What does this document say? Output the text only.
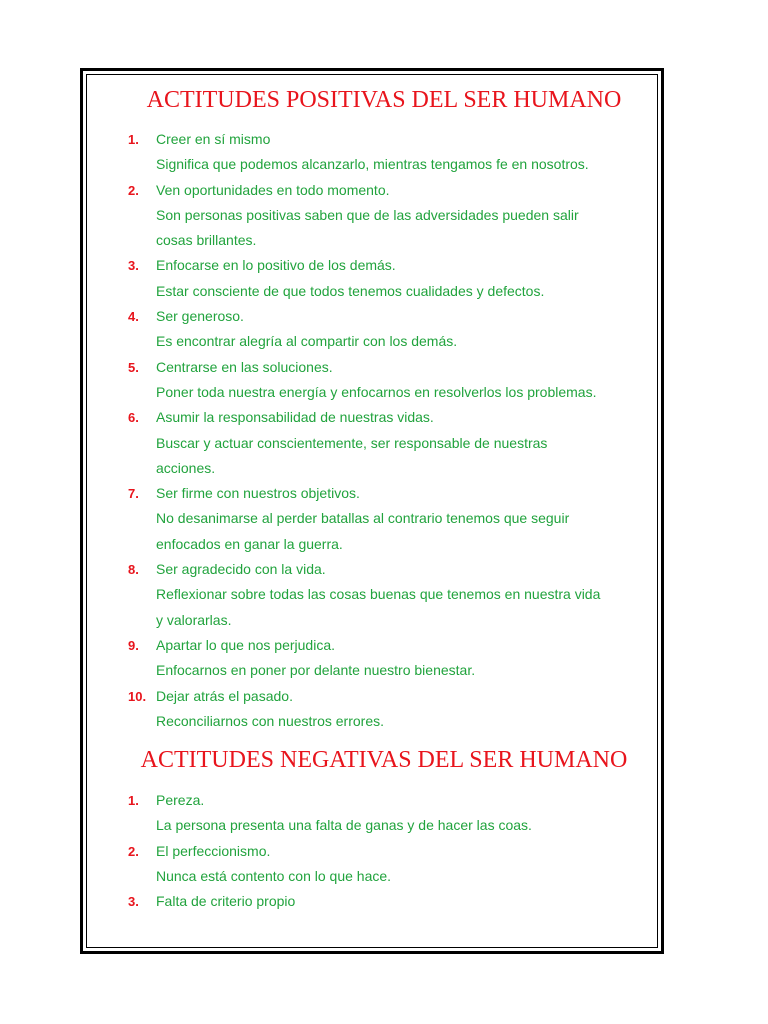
ACTITUDES POSITIVAS DEL SER HUMANO
1.	Creer en sí mismo
Significa que podemos alcanzarlo, mientras tengamos fe en nosotros.
2.	Ven oportunidades en todo momento.
Son personas positivas saben que de las adversidades pueden salir
cosas brillantes.
3.	Enfocarse en lo positivo de los demás.
Estar consciente de que todos tenemos cualidades y defectos.
4.	Ser generoso.
Es encontrar alegría al compartir con los demás.
5.	Centrarse en las soluciones.
Poner toda nuestra energía y enfocarnos en resolverlos los problemas.
6.	Asumir la responsabilidad de nuestras vidas.
Buscar y actuar conscientemente, ser responsable de nuestras
acciones.
7.	Ser firme con nuestros objetivos.
No desanimarse al perder batallas al contrario tenemos que seguir
enfocados en ganar la guerra.
8.	Ser agradecido con la vida.
Reflexionar sobre todas las cosas buenas que tenemos en nuestra vida
y valorarlas.
9.	Apartar lo que nos perjudica.
Enfocarnos en poner por delante nuestro bienestar.
10. Dejar atrás el pasado.
Reconciliarnos con nuestros errores.
ACTITUDES NEGATIVAS DEL SER HUMANO
1.	Pereza.
La persona presenta una falta de ganas y de hacer las coas.
2.	El perfeccionismo.
Nunca está contento con lo que hace.
3.	Falta de criterio propio
